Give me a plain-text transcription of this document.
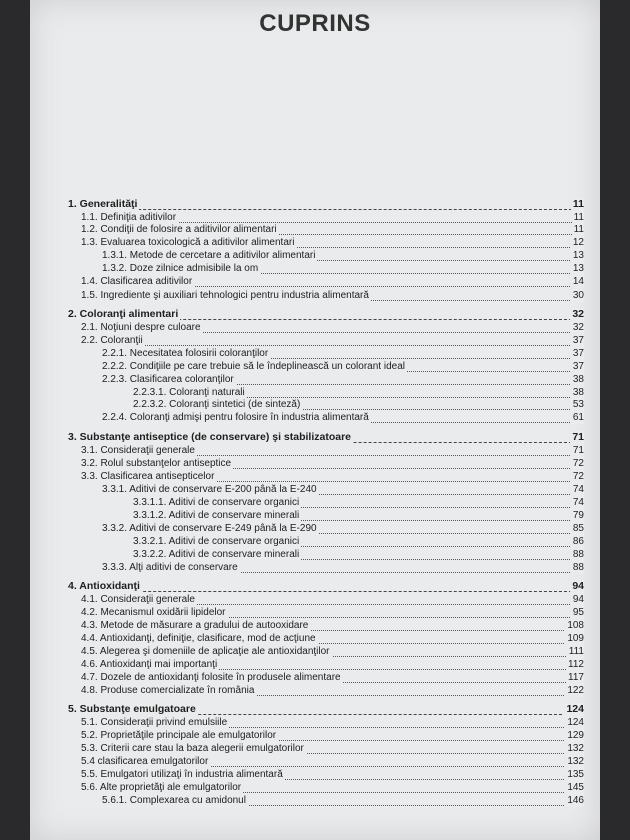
CUPRINS
1. Generalităţi	11
1.1. Definiţia aditivilor	11
1.2. Condiţii de folosire a aditivilor alimentari	11
1.3. Evaluarea toxicologică a aditivilor alimentari	12
1.3.1. Metode de cercetare a aditivilor alimentari	13
1.3.2. Doze zilnice admisibile la om	13
1.4. Clasificarea aditivilor	14
1.5. Ingrediente şi auxiliari tehnologici pentru industria alimentară	30
2. Coloranţi alimentari	32
2.1. Noţiuni despre culoare	32
2.2. Coloranţii	37
2.2.1. Necesitatea folosirii coloranţilor	37
2.2.2. Condiţiile pe care trebuie să le îndeplinească un colorant ideal	37
2.2.3. Clasificarea coloranţilor	38
2.2.3.1. Coloranţi naturali	38
2.2.3.2. Coloranţi sintetici (de sinteză)	53
2.2.4. Coloranţi admişi pentru folosire în industria alimentară	61
3. Substanţe antiseptice (de conservare) şi stabilizatoare	71
3.1. Consideraţii generale	71
3.2. Rolul substanţelor antiseptice	72
3.3. Clasificarea antisepticelor	72
3.3.1. Aditivi de conservare E-200 până la E-240	74
3.3.1.1. Aditivi de conservare organici	74
3.3.1.2. Aditivi de conservare minerali	79
3.3.2. Aditivi de conservare E-249 până la E-290	85
3.3.2.1. Aditivi de conservare organici	86
3.3.2.2. Aditivi de conservare minerali	88
3.3.3. Alţi aditivi de conservare	88
4. Antioxidanţi	94
4.1. Consideraţii generale	94
4.2. Mecanismul oxidării lipidelor	95
4.3. Metode de măsurare a gradului de autooxidare	108
4.4. Antioxidanţi, definiţie, clasificare, mod de acţiune	109
4.5. Alegerea şi domeniile de aplicaţie ale antioxidanţilor	111
4.6. Antioxidanţi mai importanţi	112
4.7. Dozele de antioxidanţi folosite în produsele alimentare	117
4.8. Produse comercializate în românia	122
5. Substanţe emulgatoare	124
5.1. Consideraţii privind emulsiile	124
5.2. Proprietăţile principale ale emulgatorilor	129
5.3. Criterii care stau la baza alegerii emulgatorilor	132
5.4 clasificarea emulgatorilor	132
5.5. Emulgatori utilizaţi în industria alimentară	135
5.6. Alte proprietăţi ale emulgatorilor	145
5.6.1. Complexarea cu amidonul	146
